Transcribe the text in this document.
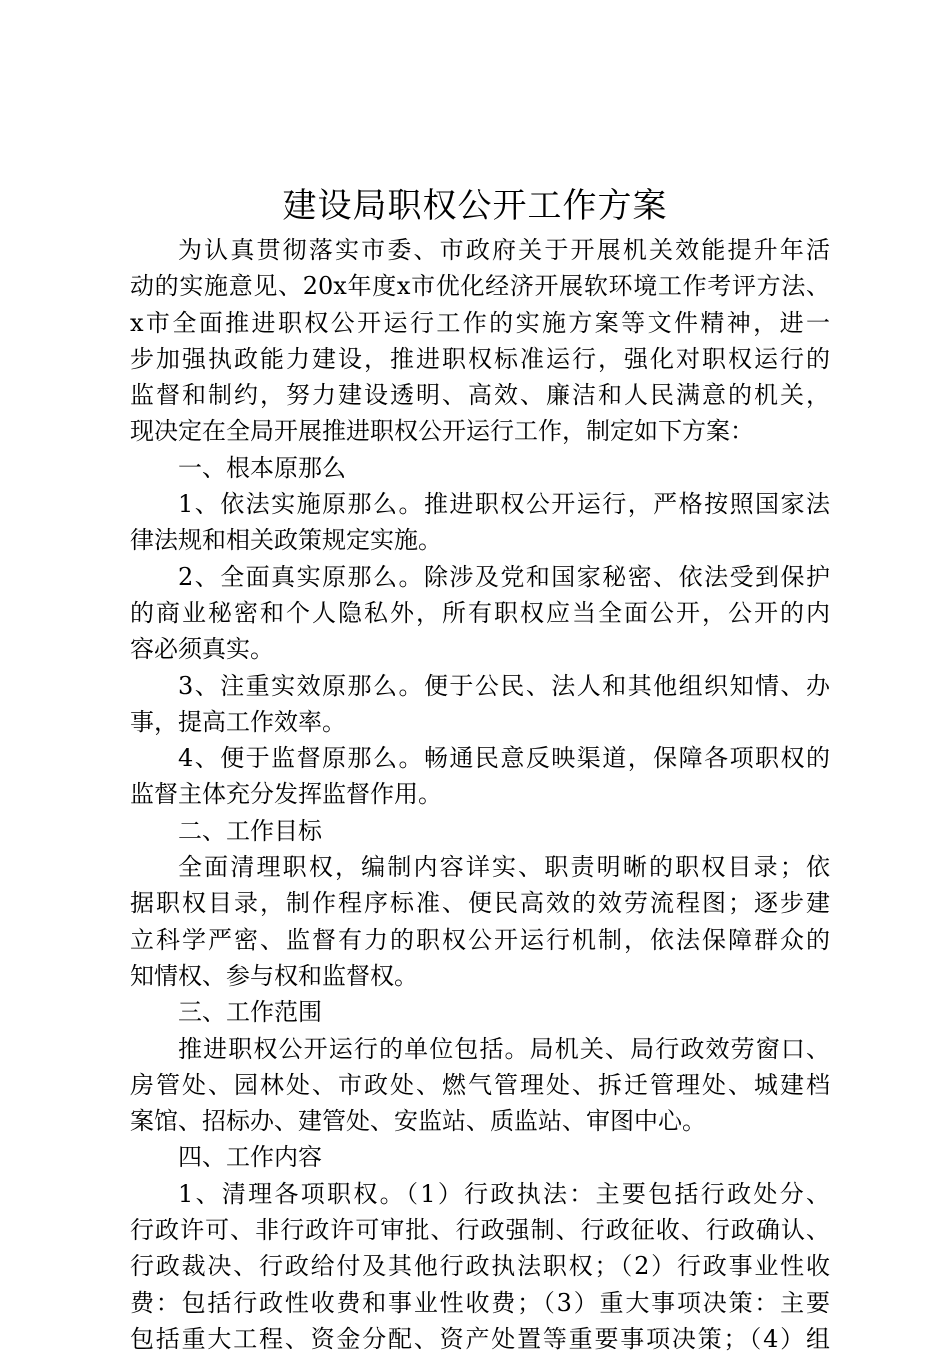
建设局职权公开工作方案
为认真贯彻落实市委、市政府关于开展机关效能提升年活
动的实施意见、20x年度x市优化经济开展软环境工作考评方法、
x市全面推进职权公开运行工作的实施方案等文件精神，进一
步加强执政能力建设，推进职权标准运行，强化对职权运行的
监督和制约，努力建设透明、高效、廉洁和人民满意的机关，
现决定在全局开展推进职权公开运行工作，制定如下方案：
一、根本原那么
1、依法实施原那么。推进职权公开运行，严格按照国家法
律法规和相关政策规定实施。
2、全面真实原那么。除涉及党和国家秘密、依法受到保护
的商业秘密和个人隐私外，所有职权应当全面公开，公开的内
容必须真实。
3、注重实效原那么。便于公民、法人和其他组织知情、办
事，提高工作效率。
4、便于监督原那么。畅通民意反映渠道，保障各项职权的
监督主体充分发挥监督作用。
二、工作目标
全面清理职权，编制内容详实、职责明晰的职权目录；依
据职权目录，制作程序标准、便民高效的效劳流程图；逐步建
立科学严密、监督有力的职权公开运行机制，依法保障群众的
知情权、参与权和监督权。
三、工作范围
推进职权公开运行的单位包括。局机关、局行政效劳窗口、
房管处、园林处、市政处、燃气管理处、拆迁管理处、城建档
案馆、招标办、建管处、安监站、质监站、审图中心。
四、工作内容
1、清理各项职权。（1）行政执法：主要包括行政处分、
行政许可、非行政许可审批、行政强制、行政征收、行政确认、
行政裁决、行政给付及其他行政执法职权；（2）行政事业性收
费：包括行政性收费和事业性收费；（3）重大事项决策：主要
包括重大工程、资金分配、资产处置等重要事项决策；（4）组
